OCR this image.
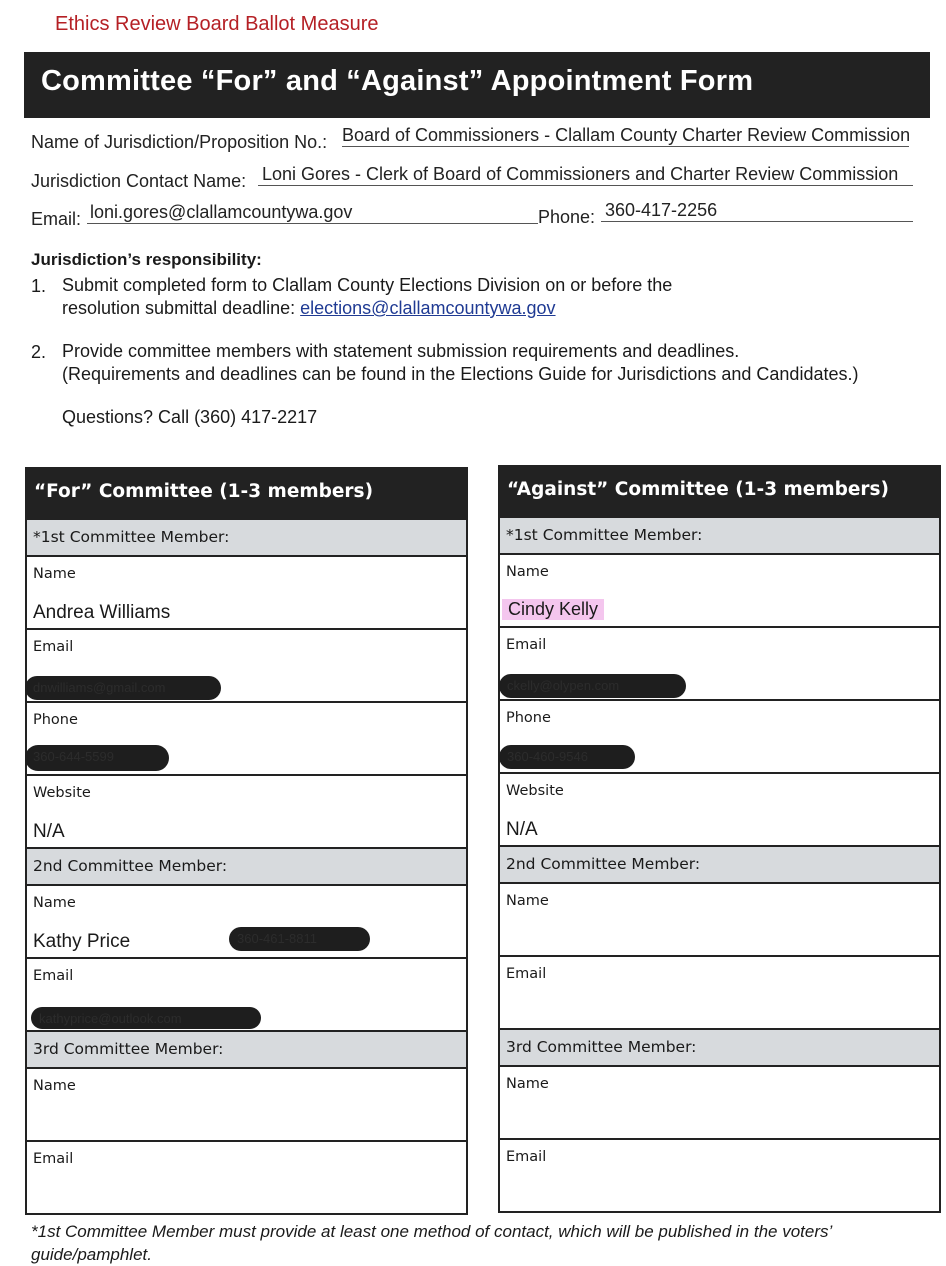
Ethics Review Board Ballot Measure
Committee “For” and “Against” Appointment Form
Name of Jurisdiction/Proposition No.: Board of Commissioners - Clallam County Charter Review Commission
Jurisdiction Contact Name: Loni Gores - Clerk of Board of Commissioners and Charter Review Commission
Email: loni.gores@clallamcountywa.gov	Phone: 360-417-2256
Jurisdiction’s responsibility:
1. Submit completed form to Clallam County Elections Division on or before the
resolution submittal deadline: elections@clallamcountywa.gov
2. Provide committee members with statement submission requirements and deadlines.
(Requirements and deadlines can be found in the Elections Guide for Jurisdictions and Candidates.)
Questions? Call (360) 417-2217
“For” Committee (1-3 members)
*1st Committee Member:
Name
Andrea Williams
Email
dnwilliams@gmail.com
Phone
360-644-5599
Website
N/A
2nd Committee Member:
Name
Kathy Price	360-461-8811
Email
kathyprice@outlook.com
3rd Committee Member:
Name
Email
“Against” Committee (1-3 members)
*1st Committee Member:
Name
Cindy Kelly
Email
ckelly@olypen.com
Phone
360-460-9546
Website
N/A
2nd Committee Member:
Name
Email
3rd Committee Member:
Name
Email
*1st Committee Member must provide at least one method of contact, which will be published in the voters’ guide/pamphlet.
